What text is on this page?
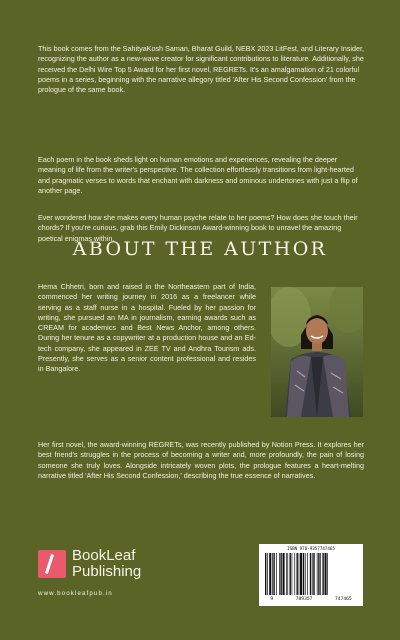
This book comes from the SahityaKosh Saman, Bharat Guild, NEBX 2023 LitFest, and Literary Insider, recognizing the author as a new-wave creator for significant contributions to literature. Additionally, she received the Delhi Wire Top 5 Award for her first novel, REGRETs. It's an amalgamation of 21 colorful poems in a series, beginning with the narrative allegory titled 'After His Second Confession' from the prologue of the same book.

Each poem in the book sheds light on human emotions and experiences, revealing the deeper meaning of life from the writer's perspective. The collection effortlessly transitions from light-hearted and pragmatic verses to words that enchant with darkness and ominous undertones with just a flip of another page.

Ever wondered how she makes every human psyche relate to her poems? How does she touch their chords? If you're curious, grab this Emily Dickinson Award-winning book to unravel the amazing poetical enigmas within.

ABOUT THE AUTHOR

Hema Chhetri, born and raised in the Northeastern part of India, commenced her writing journey in 2016 as a freelancer while serving as a staff nurse in a hospital. Fueled by her passion for writing, she pursued an MA in journalism, earning awards such as CREAM for academics and Best News Anchor, among others. During her tenure as a copywriter at a production house and an Ed-tech company, she appeared in ZEE TV and Andhra Tourism ads. Presently, she serves as a senior content professional and resides in Bangalore.

Her first novel, the award-winning REGRETs, was recently published by Notion Press. It explores her best friend's struggles in the process of becoming a writer and, more profoundly, the pain of losing someone she truly loves. Alongside intricately woven plots, the prologue features a heart-melting narrative titled 'After His Second Confession,' describing the true essence of narratives.

BookLeaf
Publishing
www.bookleafpub.in
ISBN 978-9357747465
9	789357	747465
